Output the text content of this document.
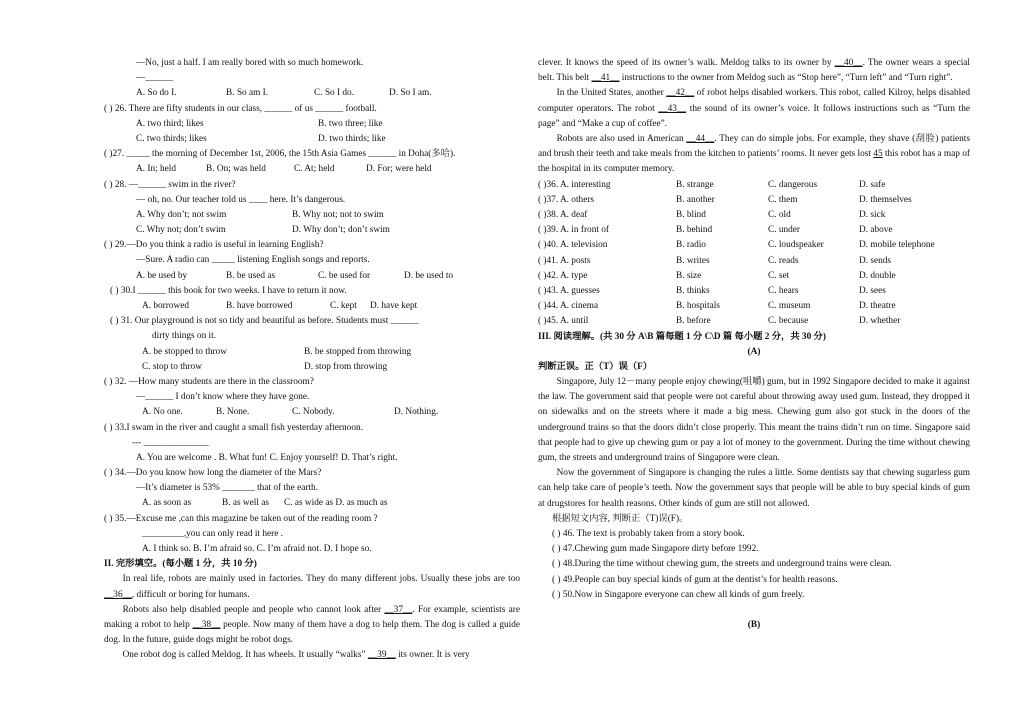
—No, just a half. I am really bored with so much homework.
—______
A. So do I.	B. So am I.	C. So I do.	D. So I am.
( ) 26. There are fifty students in our class, ______ of us ______ football.
A. two third; likes	B. two three; like
C. two thirds; likes	D. two thirds; like
( )27. _____ the morning of December 1st, 2006, the 15th Asia Games ______ in Doha(多哈).
A. In; held	B. On; was held	C. At; held	D. For; were held
( ) 28. —______ swim in the river?
— oh, no. Our teacher told us ____ here. It’s dangerous.
A. Why don’t; not swim	B. Why not; not to swim
C. Why not; don’t swim	D. Why don’t; don’t swim
( ) 29.—Do you think a radio is useful in learning English?
—Sure. A radio can _____ listening English songs and reports.
A. be used by	B. be used as	C. be used for	D. be used to
( ) 30.I ______ this book for two weeks. I have to return it now.
A. borrowed	B. have borrowed	C. kept D. have kept
( ) 31. Our playground is not so tidy and beautiful as before. Students must ______
dirty things on it.
A. be stopped to throw	B. be stopped from throwing
C. stop to throw	D. stop from throwing
( ) 32. —How many students are there in the classroom?
—______ I don’t know where they have gone.
A. No one.	B. None.	C. Nobody.	D. Nothing.
( ) 33.I swam in the river and caught a small fish yesterday afternoon.
--- ______________
A. You are welcome . B. What fun! C. Enjoy yourself! D. That’s right.
( ) 34.—Do you know how long the diameter of the Mars?
—It’s diameter is 53% _______ that of the earth.
A. as soon as	B. as well as C. as wide as D. as much as
( ) 35.—Excuse me ,can this magazine be taken out of the reading room ?
_________,you can only read it here .
A. I think so. B. I’m afraid so. C. I’m afraid not. D. I hope so.
II. 完形填空。(每小题 1 分，共 10 分)

In real life, robots are mainly used in factories. They do many different jobs. Usually these jobs are too __36__, difficult or boring for humans.

Robots also help disabled people and people who cannot look after __37__. For example, scientists are making a robot to help __38__ people. Now many of them have a dog to help them. The dog is called a guide dog. In the future, guide dogs might be robot dogs.

One robot dog is called Meldog. It has wheels. It usually “walks” __39__ its owner. It is very

clever. It knows the speed of its owner’s walk. Meldog talks to its owner by __40__. The owner wears a special belt. This belt __41__ instructions to the owner from Meldog such as “Stop here”, “Turn left” and “Turn right”.

In the United States, another __42__ of robot helps disabled workers. This robot, called Kilroy, helps disabled computer operators. The robot __43__ the sound of its owner’s voice. It follows instructions such as “Turn the page” and “Make a cup of coffee”.

Robots are also used in American __44__. They can do simple jobs. For example, they shave (刮脸) patients and brush their teeth and take meals from the kitchen to patients’ rooms. It never gets lost 45 this robot has a map of the hospital in its computer memory.

( )36. A. interesting	B. strange	C. dangerous	D. safe
( )37. A. others	B. another	C. them	D. themselves
( )38. A. deaf	B. blind	C. old	D. sick
( )39. A. in front of	B. behind	C. under	D. above
( )40. A. television	B. radio	C. loudspeaker	D. mobile telephone
( )41. A. posts	B. writes	C. reads	D. sends
( )42. A. type	B. size	C. set	D. double
( )43. A. guesses	B. thinks	C. hears	D. sees
( )44. A. cinema	B. hospitals	C. museum	D. theatre
( )45. A. until	B. before	C. because	D. whether
III. 阅读理解。(共 30 分 A\B 篇每题 1 分 C\D 篇 每小题 2 分，共 30 分)
(A)
判断正误。正（T）误（F）

Singapore, July 12－many people enjoy chewing(咀嚼) gum, but in 1992 Singapore decided to make it against the law. The government said that people were not careful about throwing away used gum. Instead, they dropped it on sidewalks and on the streets where it made a big mess. Chewing gum also got stuck in the doors of the underground trains so that the doors didn’t close properly. This meant the trains didn’t run on time. Singapore said that people had to give up chewing gum or pay a lot of money to the government. During the time without chewing gum, the streets and underground trains of Singapore were clean.

Now the government of Singapore is changing the rules a little. Some dentists say that chewing sugarless gum can help take care of people’s teeth. Now the government says that people will be able to buy special kinds of gum at drugstores for health reasons. Other kinds of gum are still not allowed.

根据短文内容, 判断正（T)误(F)。
( ) 46. The text is probably taken from a story book.
( ) 47.Chewing gum made Singapore dirty before 1992.
( ) 48.During the time without chewing gum, the streets and underground trains were clean.
( ) 49.People can buy special kinds of gum at the dentist’s for health reasons.
( ) 50.Now in Singapore everyone can chew all kinds of gum freely.
(B)
